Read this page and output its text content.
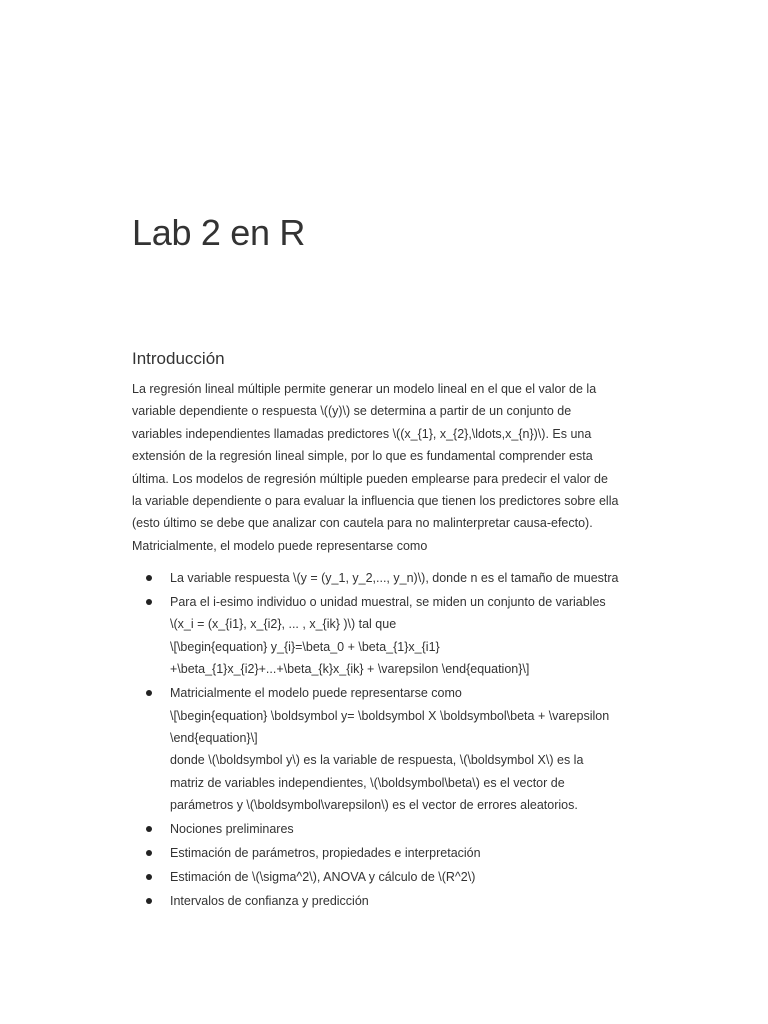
Lab 2 en R
Introducción

La regresión lineal múltiple permite generar un modelo lineal en el que el valor de la
variable dependiente o respuesta \((y)\) se determina a partir de un conjunto de
variables independientes llamadas predictores \((x_{1}, x_{2},\ldots,x_{n})\). Es una
extensión de la regresión lineal simple, por lo que es fundamental comprender esta
última. Los modelos de regresión múltiple pueden emplearse para predecir el valor de
la variable dependiente o para evaluar la influencia que tienen los predictores sobre ella
(esto último se debe que analizar con cautela para no malinterpretar causa-efecto).
Matricialmente, el modelo puede representarse como

La variable respuesta \(y = (y_1, y_2,..., y_n)\), donde n es el tamaño de muestra
Para el i-esimo individuo o unidad muestral, se miden un conjunto de variables
\(x_i = (x_{i1}, x_{i2}, ... , x_{ik} )\) tal que
\[\begin{equation} y_{i}=\beta_0 + \beta_{1}x_{i1}
+\beta_{1}x_{i2}+...+\beta_{k}x_{ik} + \varepsilon \end{equation}\]
Matricialmente el modelo puede representarse como
\[\begin{equation} \boldsymbol y= \boldsymbol X \boldsymbol\beta + \varepsilon
\end{equation}\]
donde \(\boldsymbol y\) es la variable de respuesta, \(\boldsymbol X\) es la
matriz de variables independientes, \(\boldsymbol\beta\) es el vector de
parámetros y \(\boldsymbol\varepsilon\) es el vector de errores aleatorios.
Nociones preliminares
Estimación de parámetros, propiedades e interpretación
Estimación de \(\sigma^2\), ANOVA y cálculo de \(R^2\)
Intervalos de confianza y predicción
